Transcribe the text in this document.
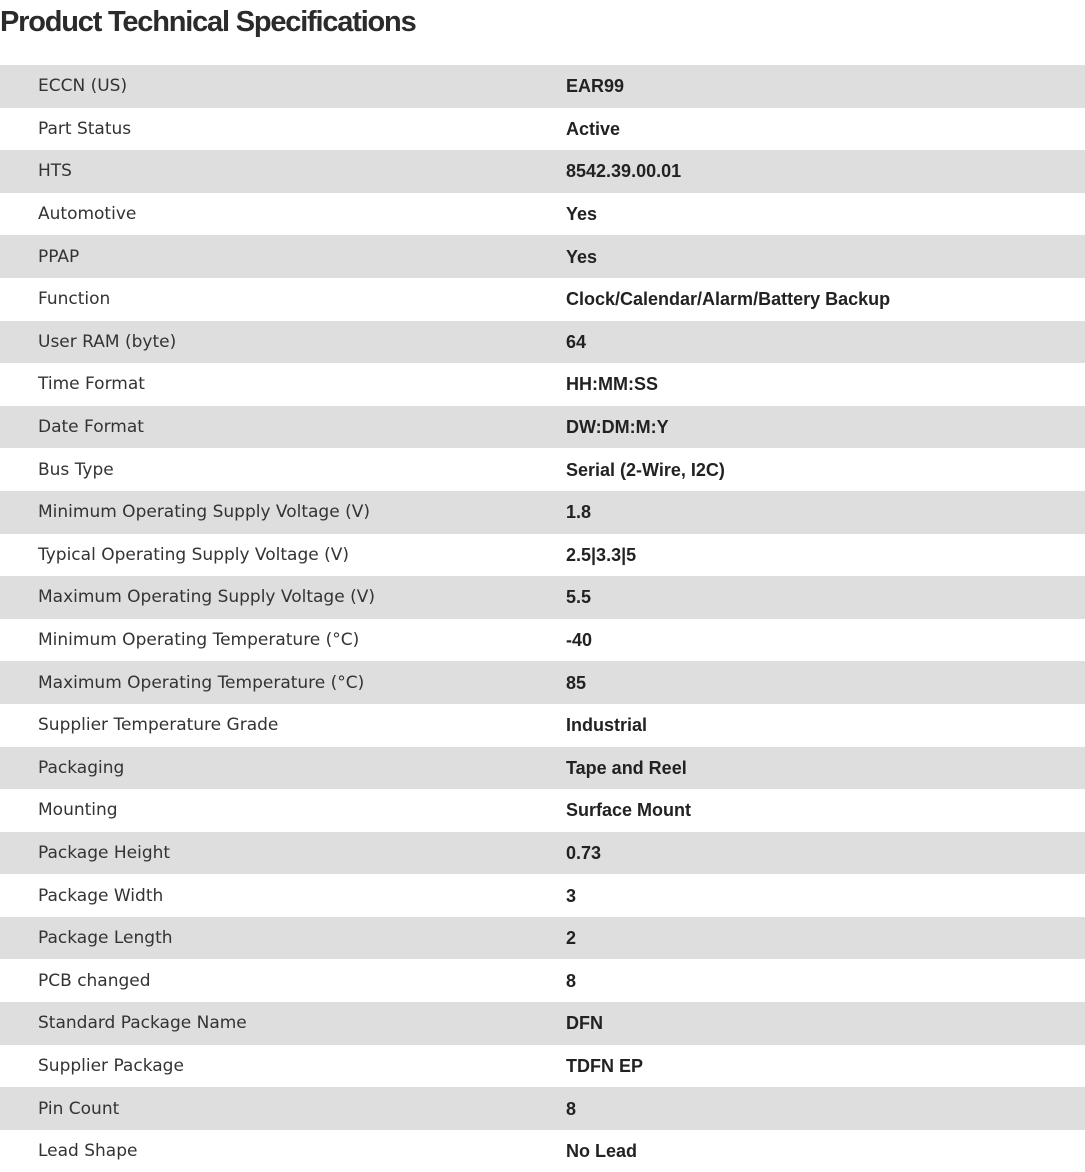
Product Technical Specifications
ECCN (US)	EAR99
Part Status	Active
HTS	8542.39.00.01
Automotive	Yes
PPAP	Yes
Function	Clock/Calendar/Alarm/Battery Backup
User RAM (byte)	64
Time Format	HH:MM:SS
Date Format	DW:DM:M:Y
Bus Type	Serial (2-Wire, I2C)
Minimum Operating Supply Voltage (V)	1.8
Typical Operating Supply Voltage (V)	2.5|3.3|5
Maximum Operating Supply Voltage (V)	5.5
Minimum Operating Temperature (°C)	-40
Maximum Operating Temperature (°C)	85
Supplier Temperature Grade	Industrial
Packaging	Tape and Reel
Mounting	Surface Mount
Package Height	0.73
Package Width	3
Package Length	2
PCB changed	8
Standard Package Name	DFN
Supplier Package	TDFN EP
Pin Count	8
Lead Shape	No Lead
